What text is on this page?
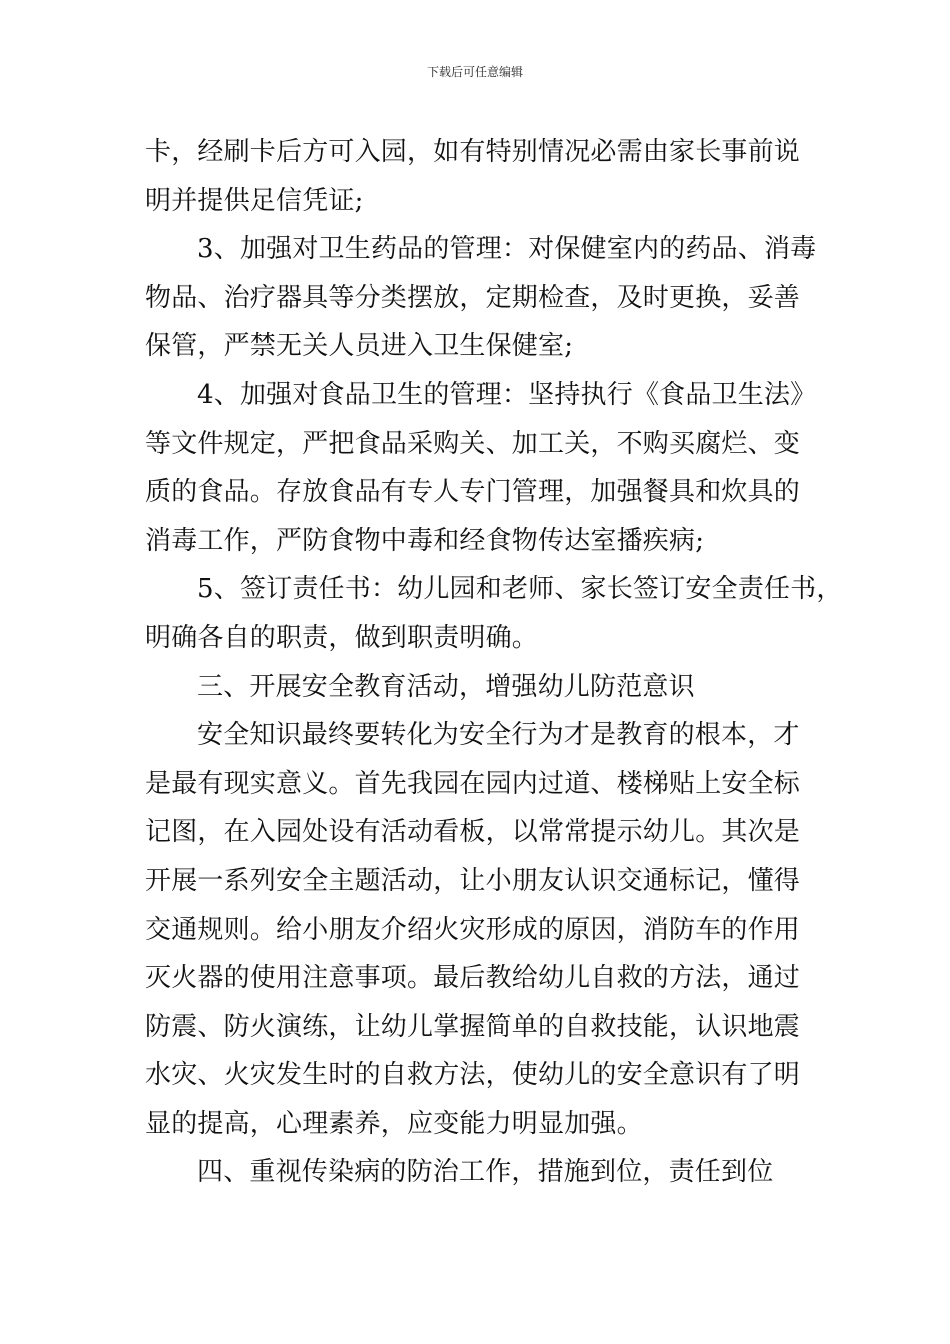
下载后可任意编辑
卡，经刷卡后方可入园，如有特别情况必需由家长事前说
明并提供足信凭证;
3、加强对卫生药品的管理：对保健室内的药品、消毒
物品、治疗器具等分类摆放，定期检查，及时更换，妥善
保管，严禁无关人员进入卫生保健室;
4、加强对食品卫生的管理：坚持执行《食品卫生法》
等文件规定，严把食品采购关、加工关，不购买腐烂、变
质的食品。存放食品有专人专门管理，加强餐具和炊具的
消毒工作，严防食物中毒和经食物传达室播疾病;
5、签订责任书：幼儿园和老师、家长签订安全责任书，
明确各自的职责，做到职责明确。
三、开展安全教育活动，增强幼儿防范意识
安全知识最终要转化为安全行为才是教育的根本，才
是最有现实意义。首先我园在园内过道、楼梯贴上安全标
记图，在入园处设有活动看板，以常常提示幼儿。其次是
开展一系列安全主题活动，让小朋友认识交通标记，懂得
交通规则。给小朋友介绍火灾形成的原因，消防车的作用
灭火器的使用注意事项。最后教给幼儿自救的方法，通过
防震、防火演练，让幼儿掌握简单的自救技能，认识地震
水灾、火灾发生时的自救方法，使幼儿的安全意识有了明
显的提高，心理素养，应变能力明显加强。
四、重视传染病的防治工作，措施到位，责任到位
